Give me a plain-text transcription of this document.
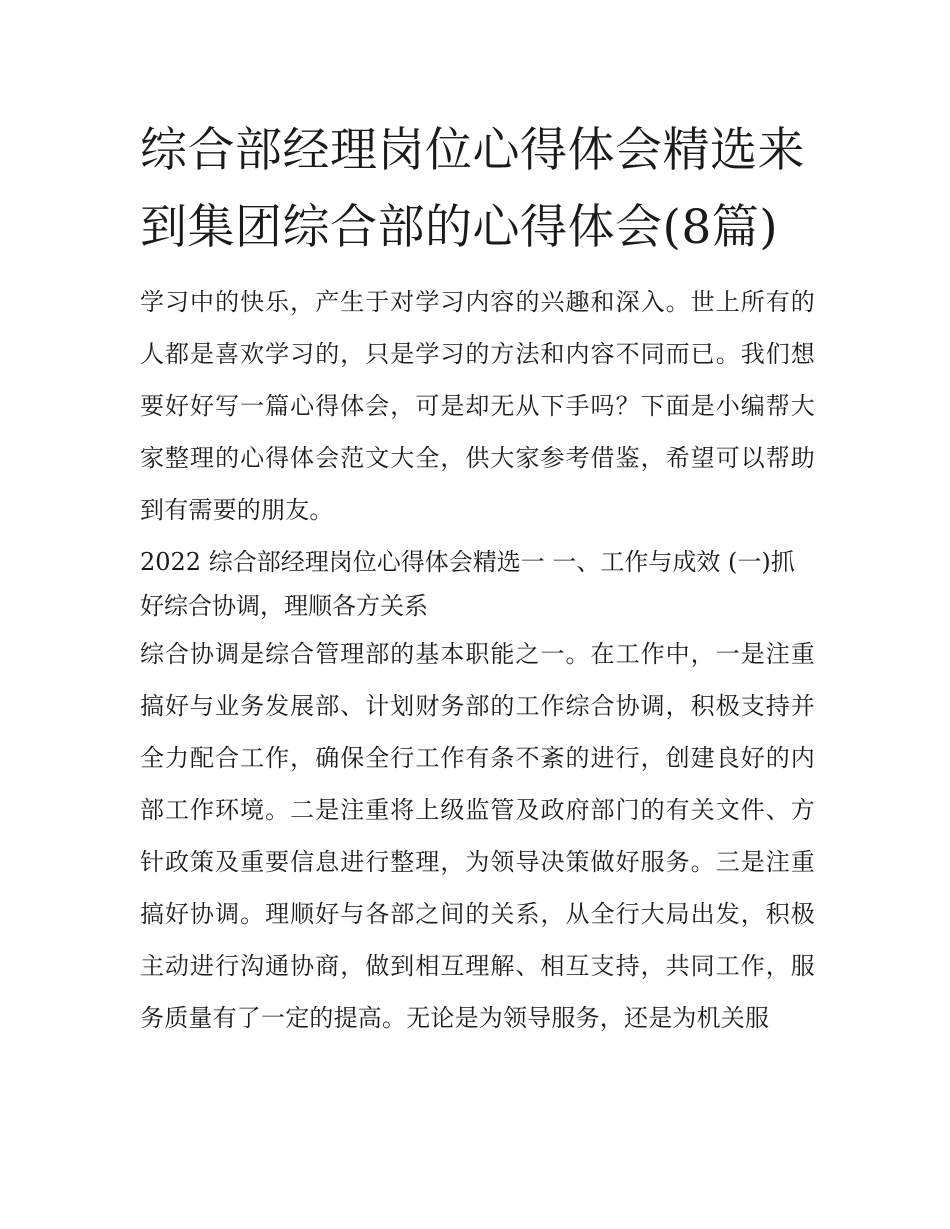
综合部经理岗位心得体会精选来到集团综合部的心得体会(8篇)

学习中的快乐，产生于对学习内容的兴趣和深入。世上所有的人都是喜欢学习的，只是学习的方法和内容不同而已。我们想要好好写一篇心得体会，可是却无从下手吗？下面是小编帮大家整理的心得体会范文大全，供大家参考借鉴，希望可以帮助到有需要的朋友。

2022 综合部经理岗位心得体会精选一 一、工作与成效 (一)抓好综合协调，理顺各方关系

综合协调是综合管理部的基本职能之一。在工作中，一是注重搞好与业务发展部、计划财务部的工作综合协调，积极支持并全力配合工作，确保全行工作有条不紊的进行，创建良好的内部工作环境。二是注重将上级监管及政府部门的有关文件、方针政策及重要信息进行整理，为领导决策做好服务。三是注重搞好协调。理顺好与各部之间的关系，从全行大局出发，积极主动进行沟通协商，做到相互理解、相互支持，共同工作，服务质量有了一定的提高。无论是为领导服务，还是为机关服
